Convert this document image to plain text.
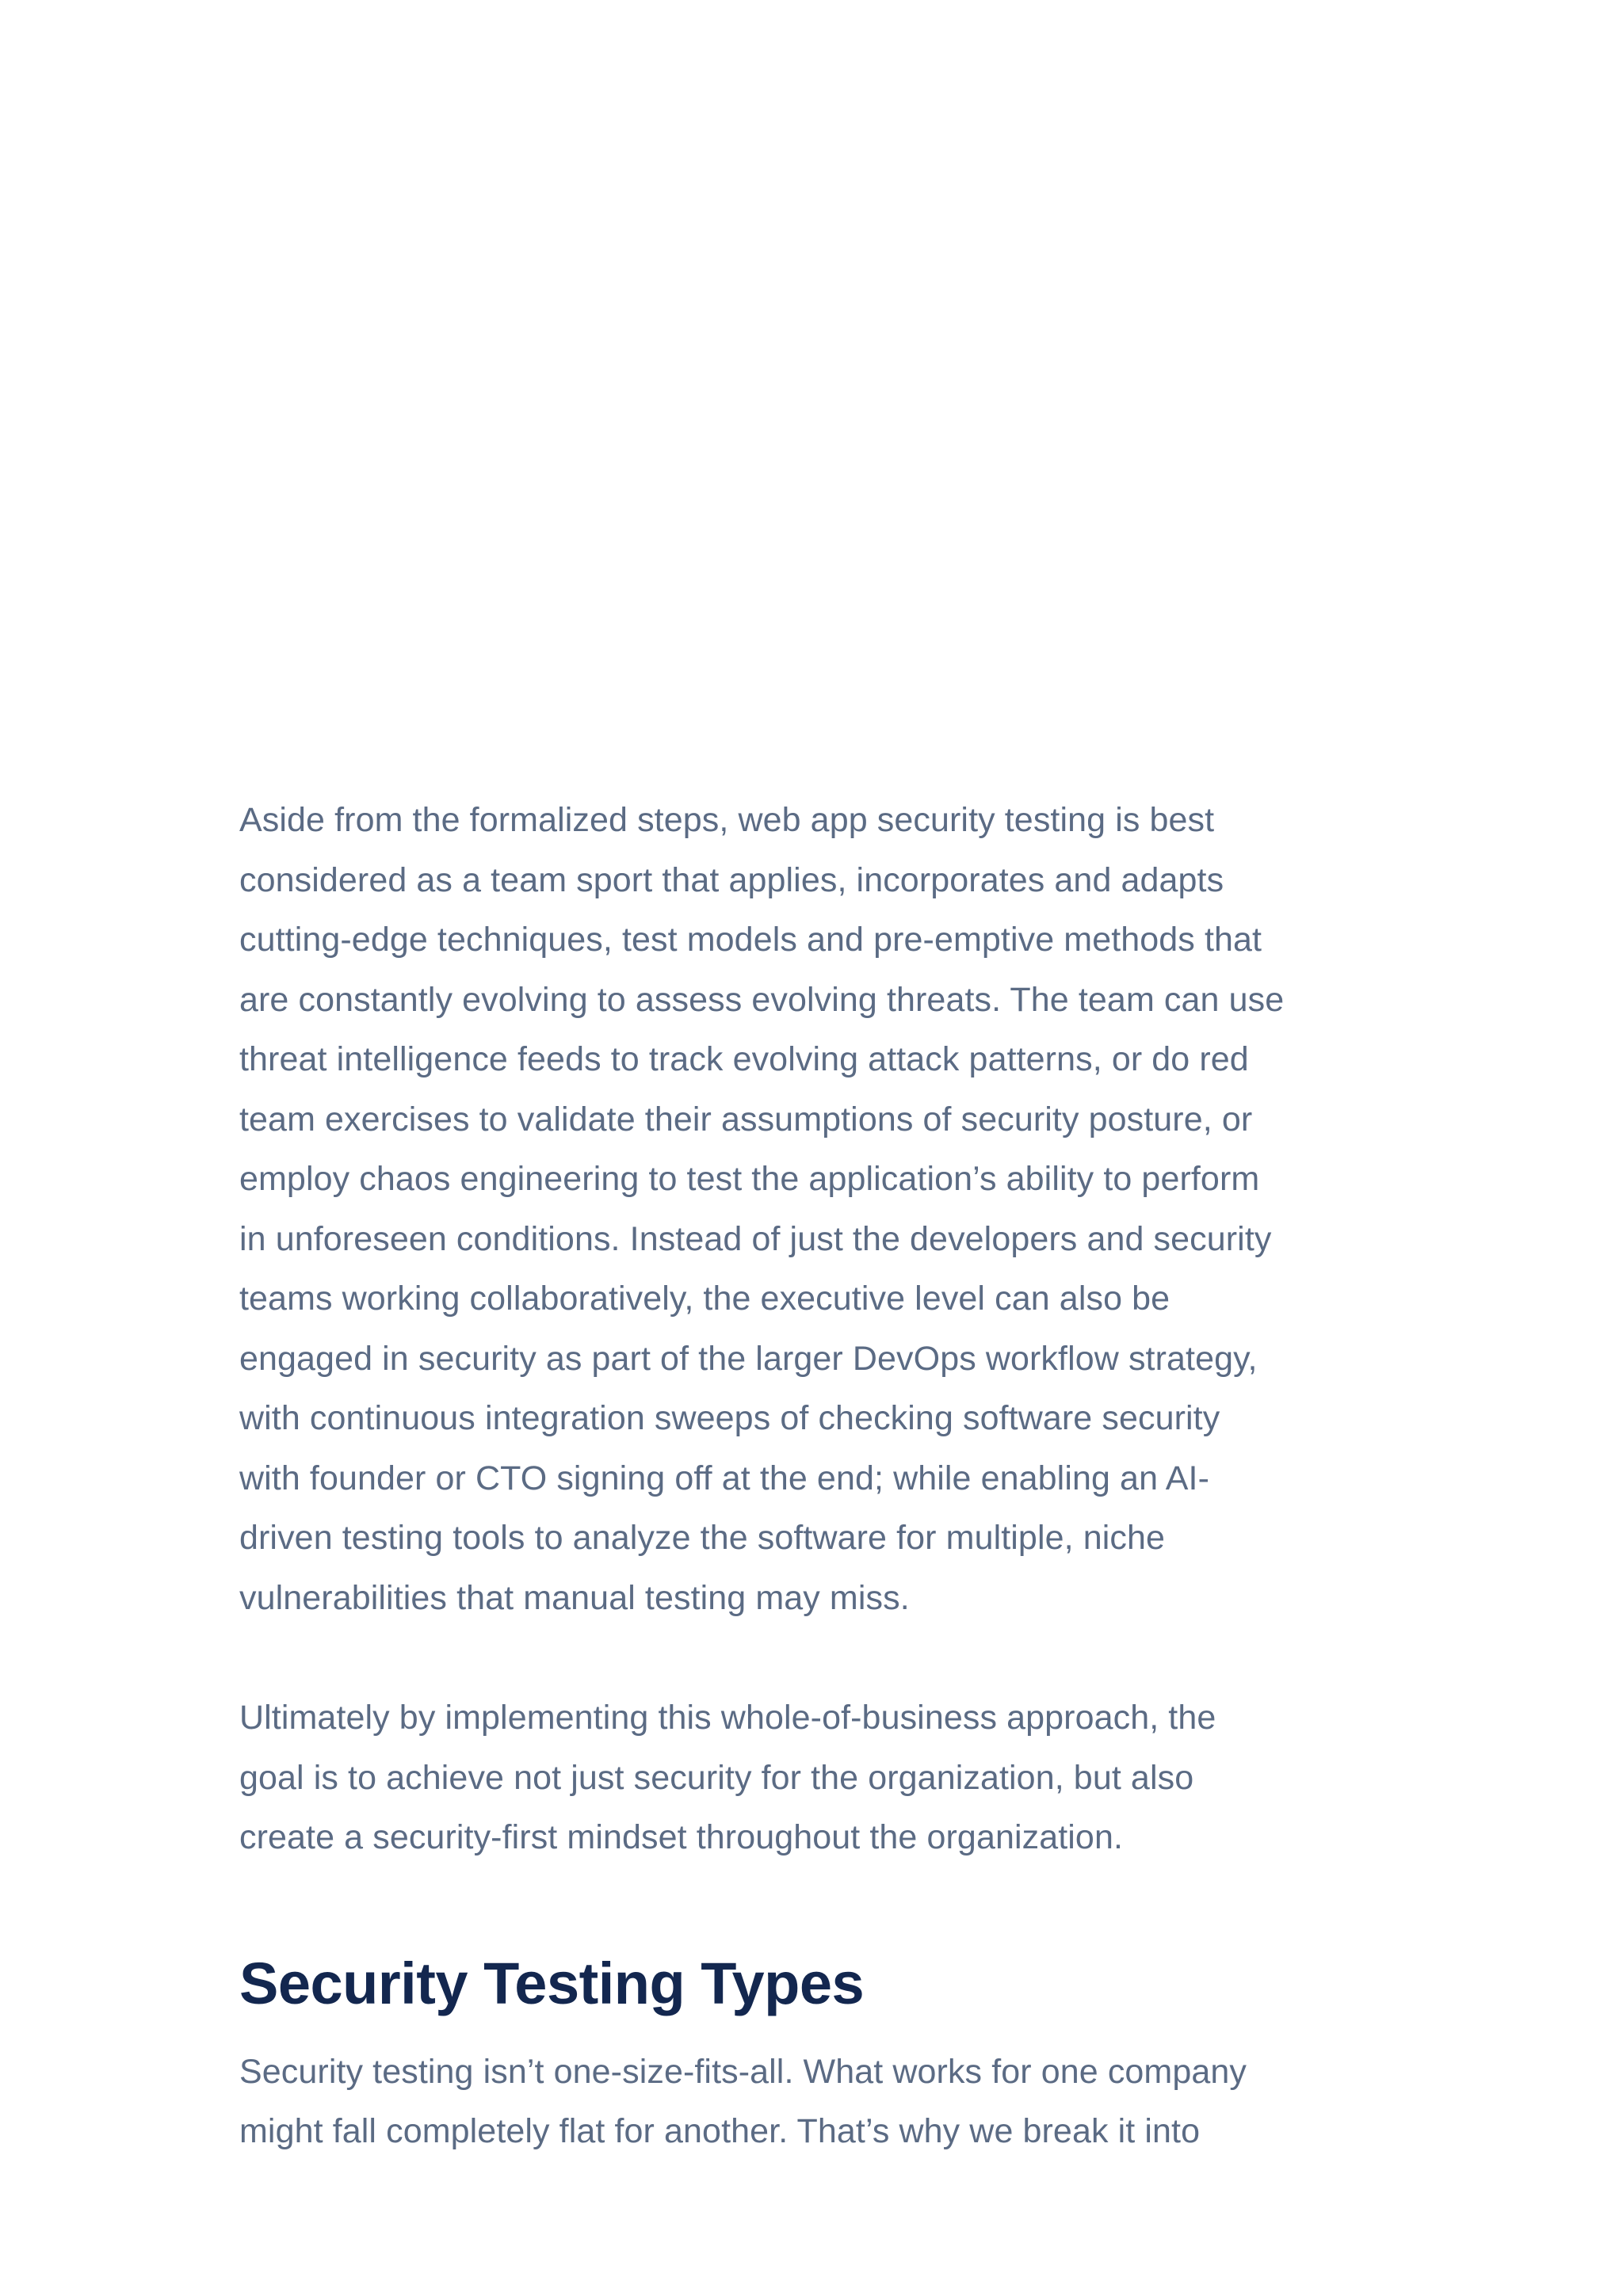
Aside from the formalized steps, web app security testing is best
considered as a team sport that applies, incorporates and adapts
cutting-edge techniques, test models and pre-emptive methods that
are constantly evolving to assess evolving threats. The team can use
threat intelligence feeds to track evolving attack patterns, or do red
team exercises to validate their assumptions of security posture, or
employ chaos engineering to test the application’s ability to perform
in unforeseen conditions. Instead of just the developers and security
teams working collaboratively, the executive level can also be
engaged in security as part of the larger DevOps workflow strategy,
with continuous integration sweeps of checking software security
with founder or CTO signing off at the end; while enabling an AI-
driven testing tools to analyze the software for multiple, niche
vulnerabilities that manual testing may miss.

Ultimately by implementing this whole-of-business approach, the
goal is to achieve not just security for the organization, but also
create a security-first mindset throughout the organization.

Security Testing Types

Security testing isn’t one-size-fits-all. What works for one company
might fall completely flat for another. That’s why we break it into
